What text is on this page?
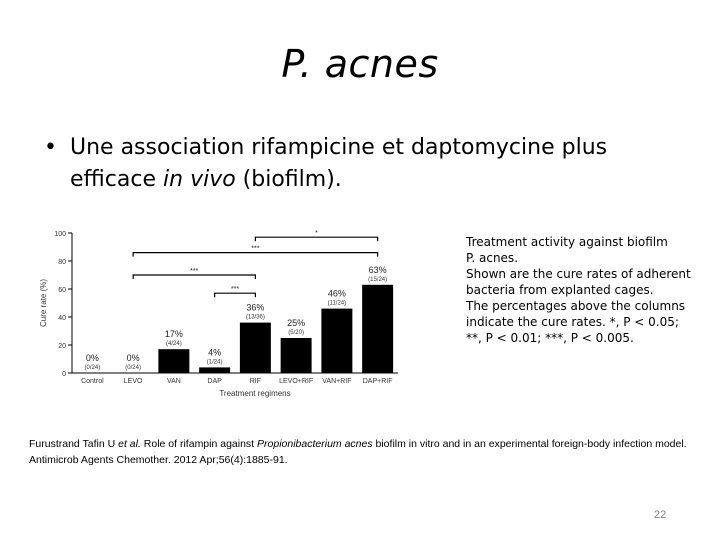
P. acnes
• Une association rifampicine et daptomycine plus efficace in vivo (biofilm).
0
20
40
60
80
100
Cure rate (%)
0%
(0/24)
Control
0%
(0/24)
LEVO
17%
(4/24)
VAN
4%
(1/24)
DAP
36%
(13/36)
RIF
25%
(5/20)
LEVO+RIF
46%
(11/24)
VAN+RIF
63%
(15/24)
DAP+RIF
Treatment regimens
***
***
***
*
Treatment activity against biofilm
P. acnes.
Shown are the cure rates of adherent
bacteria from explanted cages.
The percentages above the columns
indicate the cure rates. *, P < 0.05;
**, P < 0.01; ***, P < 0.005.
Furustrand Tafin U et al. Role of rifampin against Propionibacterium acnes biofilm in vitro and in an experimental foreign-body infection model. Antimicrob Agents Chemother. 2012 Apr;56(4):1885-91.
22
